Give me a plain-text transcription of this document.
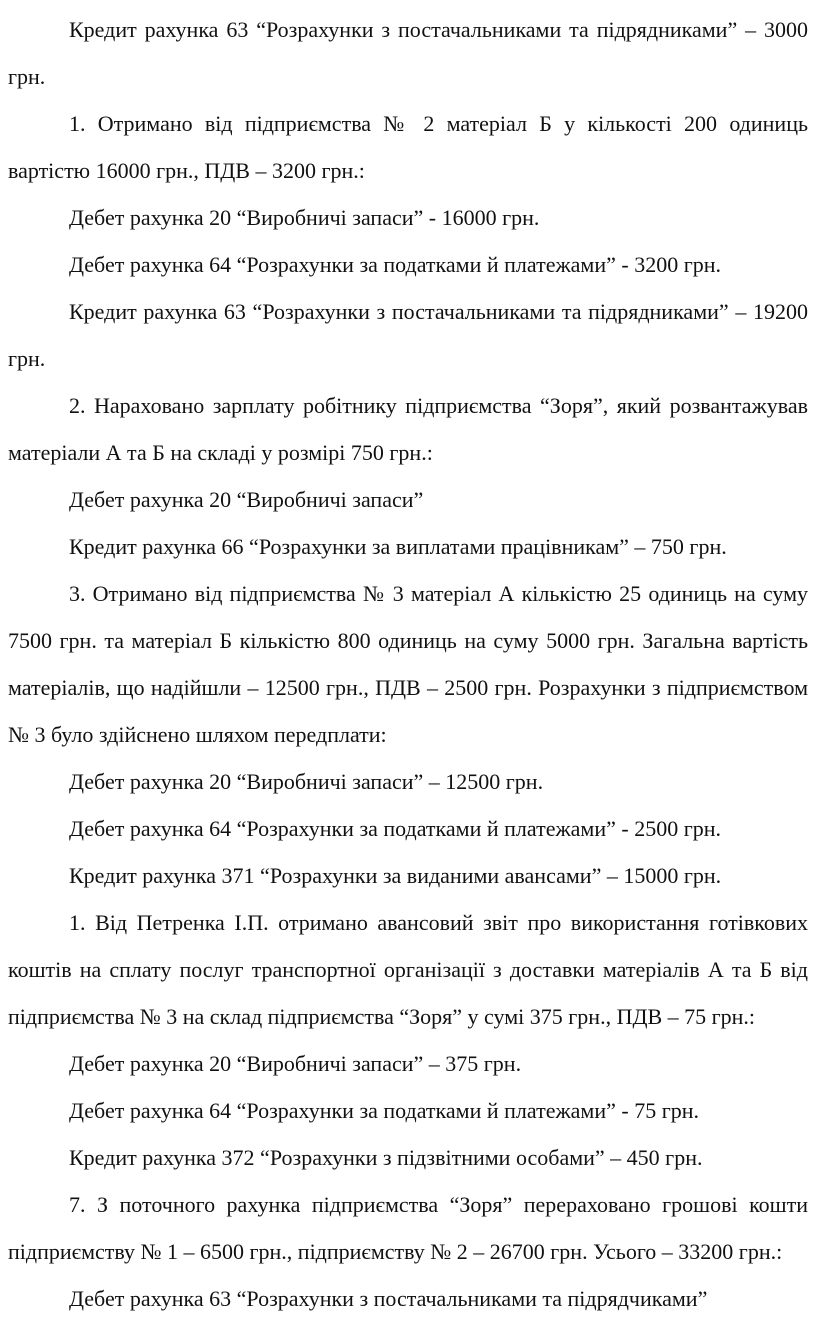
Кредит рахунка 63 “Розрахунки з постачальниками та підрядниками” – 3000 грн.

1. Отримано від підприємства № 2 матеріал Б у кількості 200 одиниць вартістю 16000 грн., ПДВ – 3200 грн.:

Дебет рахунка 20 “Виробничі запаси” - 16000 грн.

Дебет рахунка 64 “Розрахунки за податками й платежами” - 3200 грн.

Кредит рахунка 63 “Розрахунки з постачальниками та підрядниками” – 19200 грн.

2. Нараховано зарплату робітнику підприємства “Зоря”, який розвантажував матеріали А та Б на складі у розмірі 750 грн.:

Дебет рахунка 20 “Виробничі запаси”

Кредит рахунка 66 “Розрахунки за виплатами працівникам” – 750 грн.

3. Отримано від підприємства № 3 матеріал А кількістю 25 одиниць на суму 7500 грн. та матеріал Б кількістю 800 одиниць на суму 5000 грн. Загальна вартість матеріалів, що надійшли – 12500 грн., ПДВ – 2500 грн. Розрахунки з підприємством № 3 було здійснено шляхом передплати:

Дебет рахунка 20 “Виробничі запаси” – 12500 грн.

Дебет рахунка 64 “Розрахунки за податками й платежами” - 2500 грн.

Кредит рахунка 371 “Розрахунки за виданими авансами” – 15000 грн.

1. Від Петренка І.П. отримано авансовий звіт про використання готівкових коштів на сплату послуг транспортної організації з доставки матеріалів А та Б від підприємства № 3 на склад підприємства “Зоря” у сумі 375 грн., ПДВ – 75 грн.:

Дебет рахунка 20 “Виробничі запаси” – 375 грн.

Дебет рахунка 64 “Розрахунки за податками й платежами” - 75 грн.

Кредит рахунка 372 “Розрахунки з підзвітними особами” – 450 грн.

7. З поточного рахунка підприємства “Зоря” перераховано грошові кошти підприємству № 1 – 6500 грн., підприємству № 2 – 26700 грн. Усього – 33200 грн.:

Дебет рахунка 63 “Розрахунки з постачальниками та підрядчиками”
